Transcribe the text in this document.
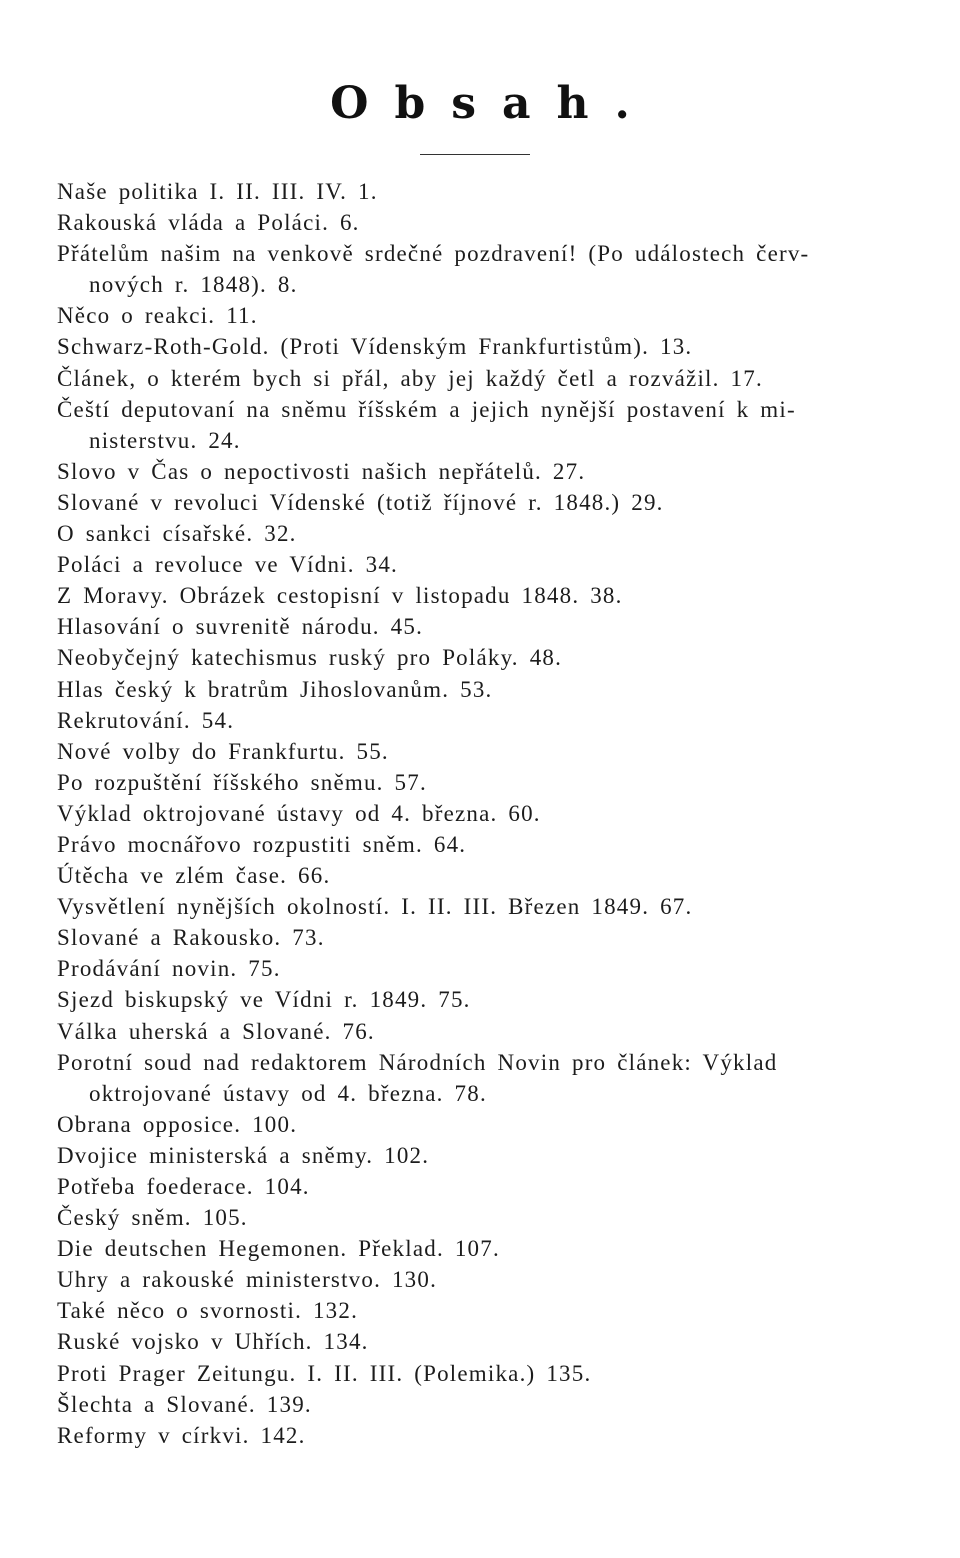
Obsah.
Naše politika I. II. III. IV. 1.
Rakouská vláda a Poláci. 6.
Přátelům našim na venkově srdečné pozdravení! (Po událostech červ-
nových r. 1848). 8.
Něco o reakci. 11.
Schwarz-Roth-Gold. (Proti Vídenským Frankfurtistům). 13.
Článek, o kterém bych si přál, aby jej každý četl a rozvážil. 17.
Čeští deputovaní na sněmu říšském a jejich nynější postavení k mi-
nisterstvu. 24.
Slovo v Čas o nepoctivosti našich nepřátelů. 27.
Slované v revoluci Vídenské (totiž říjnové r. 1848.) 29.
O sankci císařské. 32.
Poláci a revoluce ve Vídni. 34.
Z Moravy. Obrázek cestopisní v listopadu 1848. 38.
Hlasování o suvrenitě národu. 45.
Neobyčejný katechismus ruský pro Poláky. 48.
Hlas český k bratrům Jihoslovanům. 53.
Rekrutování. 54.
Nové volby do Frankfurtu. 55.
Po rozpuštění říšského sněmu. 57.
Výklad oktrojované ústavy od 4. března. 60.
Právo mocnářovo rozpustiti sněm. 64.
Útěcha ve zlém čase. 66.
Vysvětlení nynějších okolností. I. II. III. Březen 1849. 67.
Slované a Rakousko. 73.
Prodávání novin. 75.
Sjezd biskupský ve Vídni r. 1849. 75.
Válka uherská a Slované. 76.
Porotní soud nad redaktorem Národních Novin pro článek: Výklad
oktrojované ústavy od 4. března. 78.
Obrana opposice. 100.
Dvojice ministerská a sněmy. 102.
Potřeba foederace. 104.
Český sněm. 105.
Die deutschen Hegemonen. Překlad. 107.
Uhry a rakouské ministerstvo. 130.
Také něco o svornosti. 132.
Ruské vojsko v Uhřích. 134.
Proti Prager Zeitungu. I. II. III. (Polemika.) 135.
Šlechta a Slované. 139.
Reformy v církvi. 142.
